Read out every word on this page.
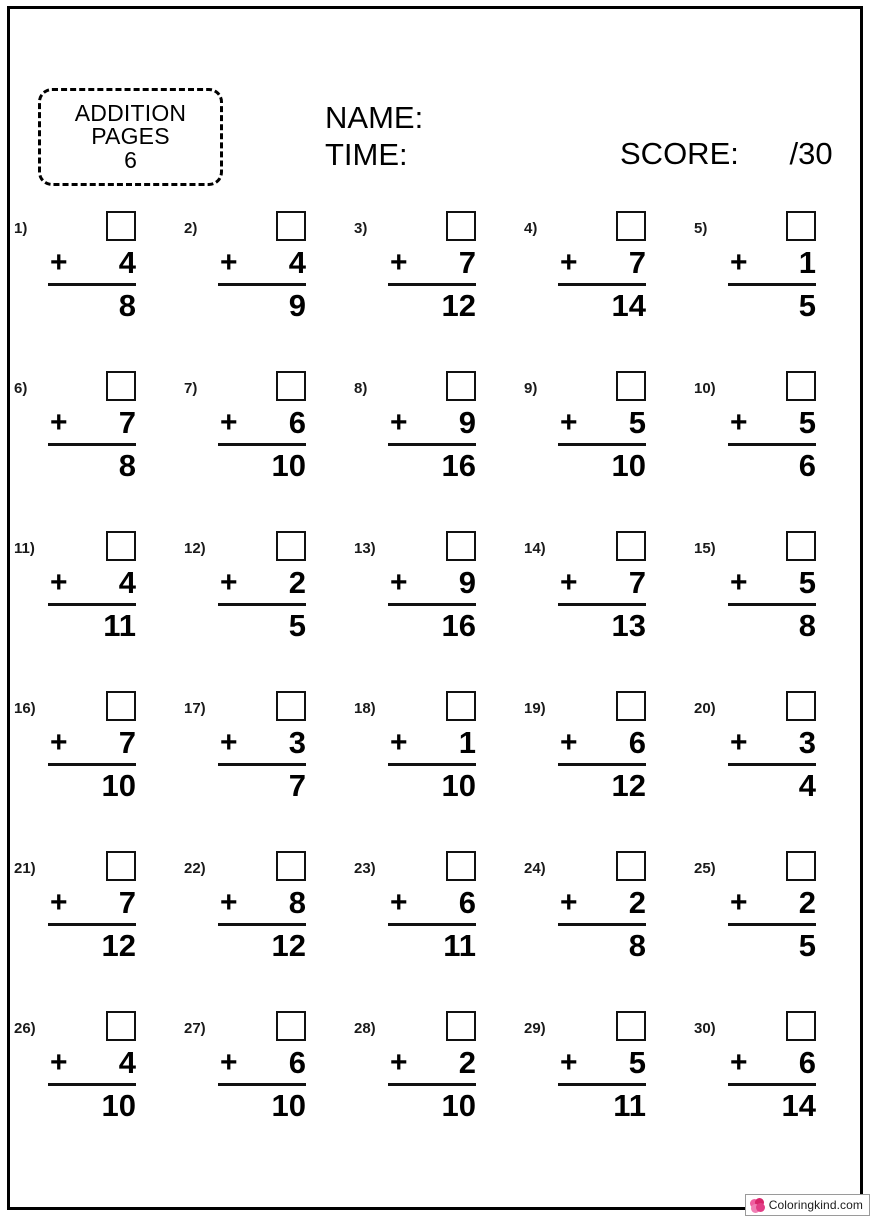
ADDITION
PAGES
6
NAME:
TIME:	SCORE: /30
1)
+ 4
8
2)
+ 4
9
3)
+ 7
12
4)
+ 7
14
5)
+ 1
5
6)
+ 7
8
7)
+ 6
10
8)
+ 9
16
9)
+ 5
10
10)
+ 5
6
11)
+ 4
11
12)
+ 2
5
13)
+ 9
16
14)
+ 7
13
15)
+ 5
8
16)
+ 7
10
17)
+ 3
7
18)
+ 1
10
19)
+ 6
12
20)
+ 3
4
21)
+ 7
12
22)
+ 8
12
23)
+ 6
11
24)
+ 2
8
25)
+ 2
5
26)
+ 4
10
27)
+ 6
10
28)
+ 2
10
29)
+ 5
11
30)
+ 6
14
Coloringkind.com
